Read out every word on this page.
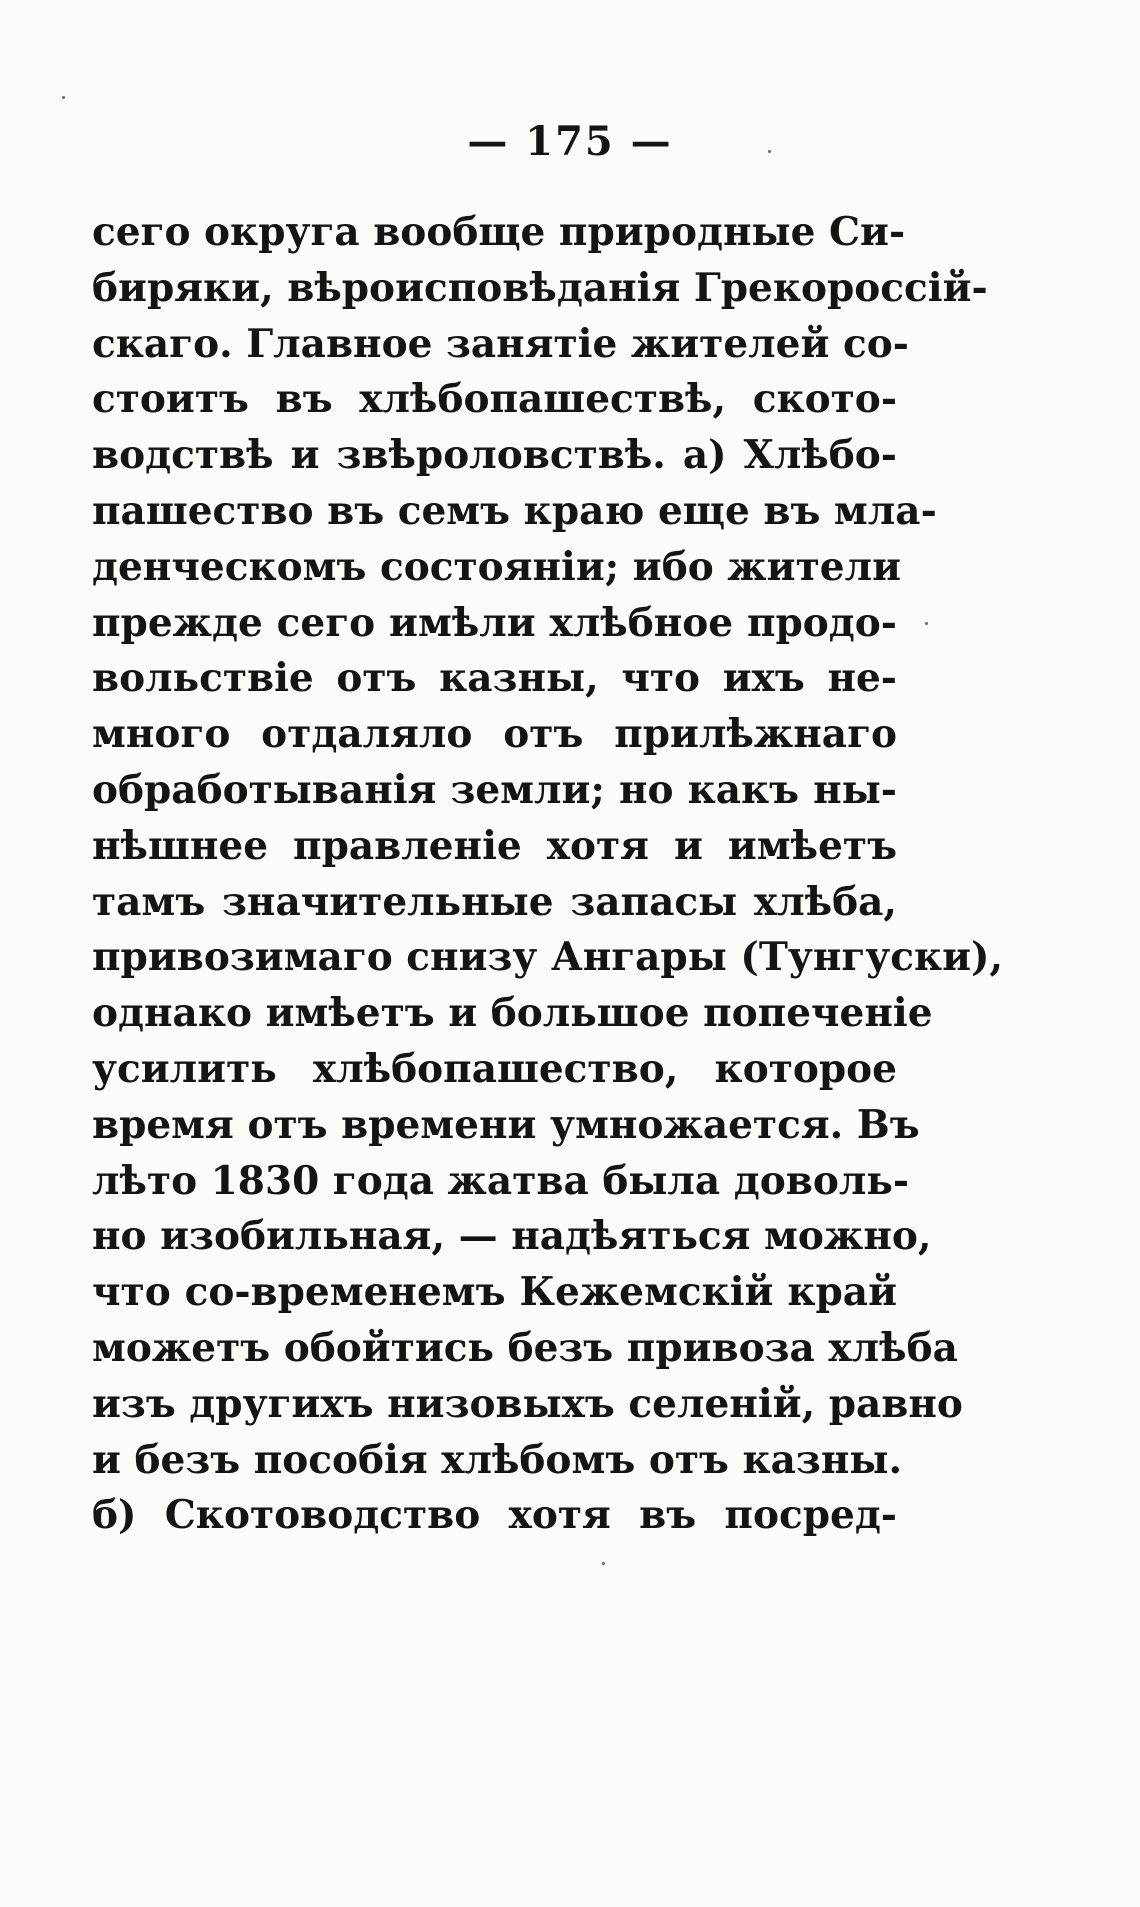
— 175 —
сего округа вообще природные Си-
биряки, вѣроисповѣданія Грекороссій-
скаго. Главное занятіе жителей со-
стоитъ въ хлѣбопашествѣ, ското-
водствѣ и звѣроловствѣ. а) Хлѣбо-
пашество въ семъ краю еще въ мла-
денческомъ состояніи; ибо жители
прежде сего имѣли хлѣбное продо-
вольствіе отъ казны, что ихъ не-
много отдаляло отъ прилѣжнаго
обработыванія земли; но какъ ны-
нѣшнее правленіе хотя и имѣетъ
тамъ значительные запасы хлѣба,
привозимаго снизу Ангары (Тунгуски),
однако имѣетъ и большое попеченіе
усилить хлѣбопашество, которое
время отъ времени умножается. Въ
лѣто 1830 года жатва была доволь-
но изобильная, — надѣяться можно,
что со-временемъ Кежемскій край
можетъ обойтись безъ привоза хлѣба
изъ другихъ низовыхъ селеній, равно
и безъ пособія хлѣбомъ отъ казны.
б) Скотоводство хотя въ посред-
